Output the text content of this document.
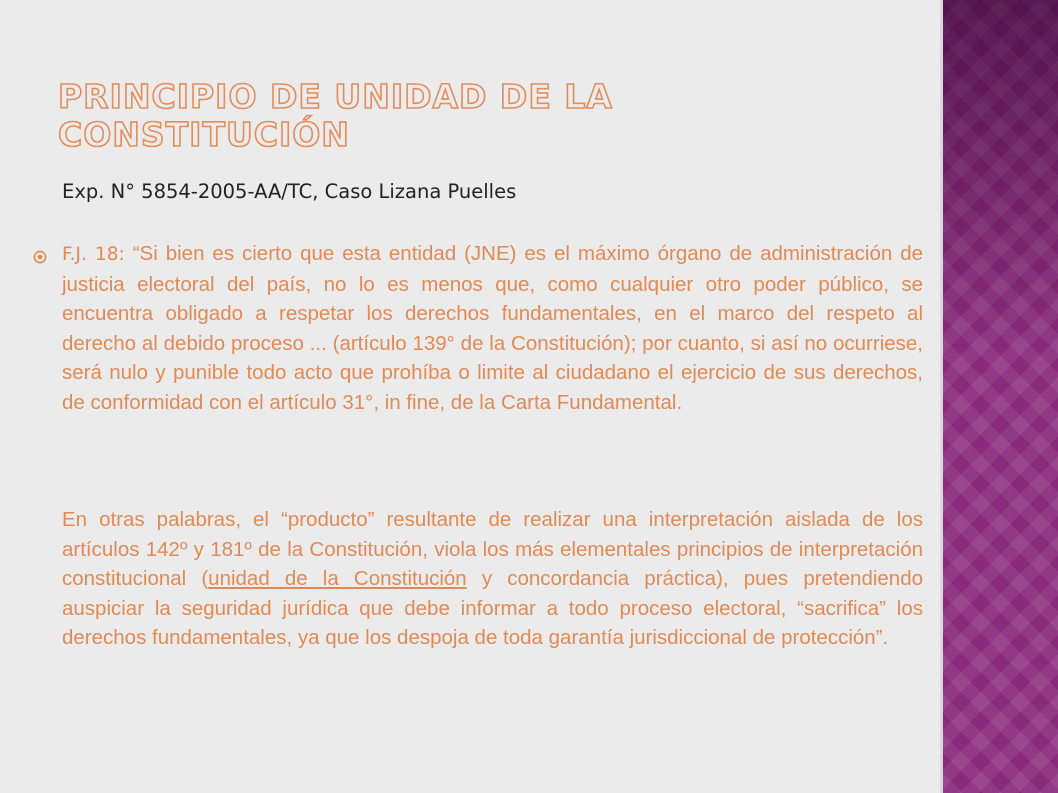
PRINCIPIO DE UNIDAD DE LA CONSTITUCIÓN

Exp. N° 5854-2005-AA/TC, Caso Lizana Puelles

F.J. 18: “Si bien es cierto que esta entidad (JNE) es el máximo órgano de administración de justicia electoral del país, no lo es menos que, como cualquier otro poder público, se encuentra obligado a respetar los derechos fundamentales, en el marco del respeto al derecho al debido proceso ... (artículo 139° de la Constitución); por cuanto, si así no ocurriese, será nulo y punible todo acto que prohíba o limite al ciudadano el ejercicio de sus derechos, de conformidad con el artículo 31°, in fine, de la Carta Fundamental.

En otras palabras, el “producto” resultante de realizar una interpretación aislada de los artículos 142º y 181º de la Constitución, viola los más elementales principios de interpretación constitucional (unidad de la Constitución y concordancia práctica), pues pretendiendo auspiciar la seguridad jurídica que debe informar a todo proceso electoral, “sacrifica” los derechos fundamentales, ya que los despoja de toda garantía jurisdiccional de protección”.
